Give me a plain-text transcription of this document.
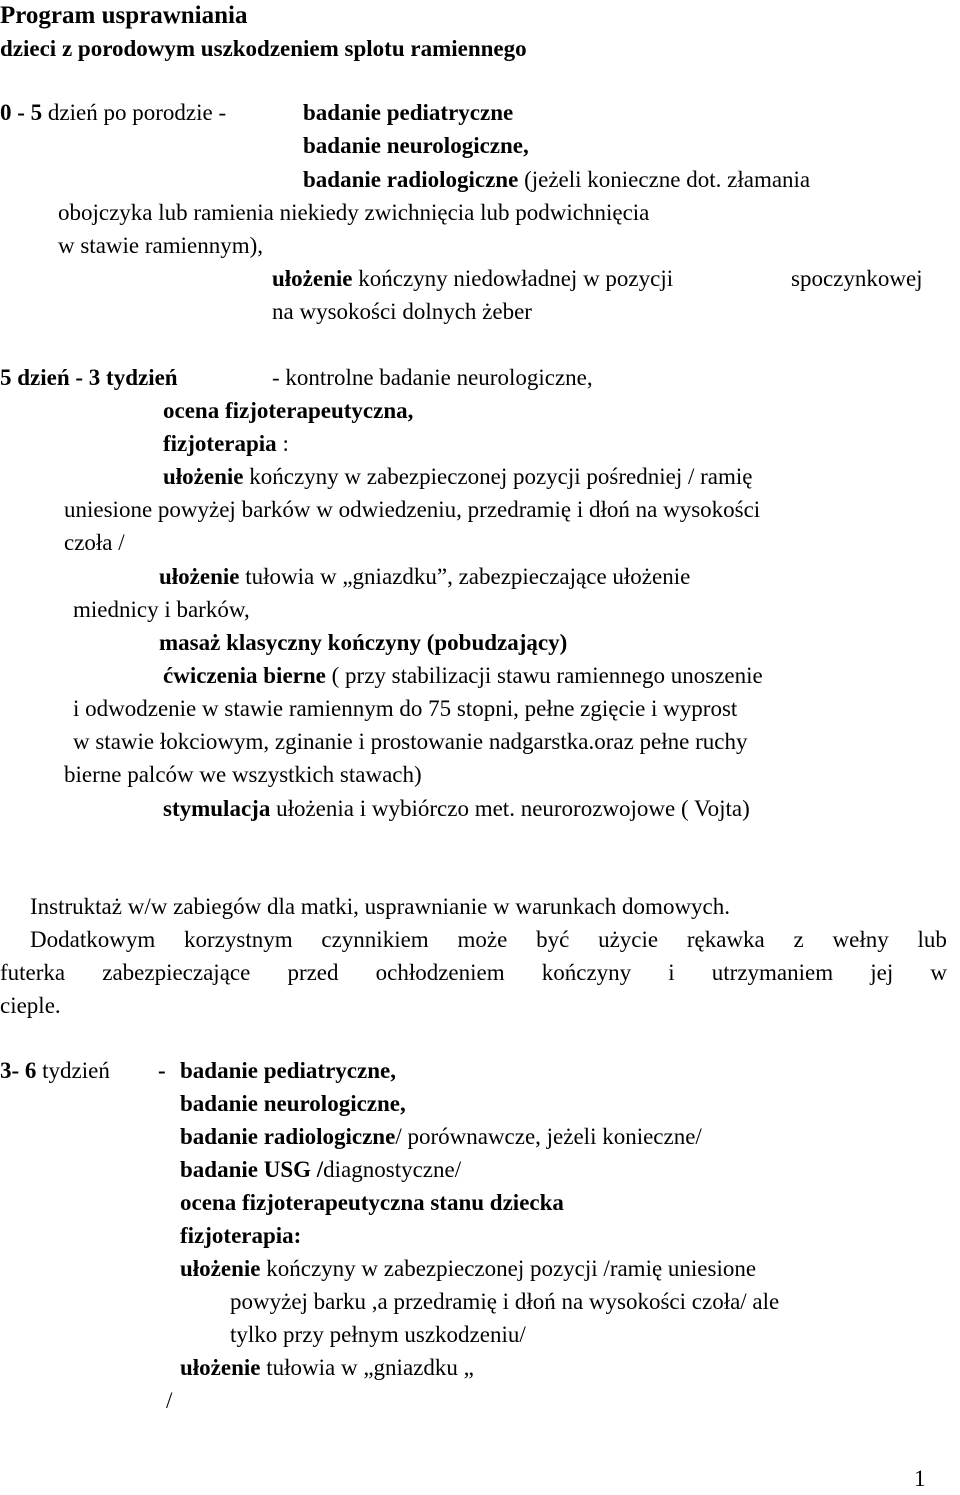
Program usprawniania
dzieci z porodowym uszkodzeniem splotu ramiennego
0 - 5 dzień po porodzie -	badanie pediatryczne
badanie neurologiczne,
badanie radiologiczne (jeżeli konieczne dot. złamania
obojczyka lub ramienia niekiedy zwichnięcia lub podwichnięcia
w stawie ramiennym),
ułożenie kończyny niedowładnej w pozycji	spoczynkowej
na wysokości dolnych żeber
5 dzień - 3 tydzień	- kontrolne badanie neurologiczne,
ocena fizjoterapeutyczna,
fizjoterapia :
ułożenie kończyny w zabezpieczonej pozycji pośredniej / ramię
uniesione powyżej barków w odwiedzeniu, przedramię i dłoń na wysokości
czoła /
ułożenie tułowia w „gniazdku”, zabezpieczające ułożenie
miednicy i barków,
masaż klasyczny kończyny (pobudzający)
ćwiczenia bierne ( przy stabilizacji stawu ramiennego unoszenie
i odwodzenie w stawie ramiennym do 75 stopni, pełne zgięcie i wyprost
w stawie łokciowym, zginanie i prostowanie nadgarstka.oraz pełne ruchy
bierne palców we wszystkich stawach)
stymulacja ułożenia i wybiórczo met. neurorozwojowe ( Vojta)
Instruktaż w/w zabiegów dla matki, usprawnianie w warunkach domowych.
Dodatkowym korzystnym czynnikiem może być użycie rękawka z wełny lub
futerka zabezpieczające przed ochłodzeniem kończyny i utrzymaniem jej w
cieple.
3- 6 tydzień - badanie pediatryczne,
badanie neurologiczne,
badanie radiologiczne/ porównawcze, jeżeli konieczne/
badanie USG /diagnostyczne/
ocena fizjoterapeutyczna stanu dziecka
fizjoterapia:
ułożenie kończyny w zabezpieczonej pozycji /ramię uniesione
powyżej barku ,a przedramię i dłoń na wysokości czoła/ ale
tylko przy pełnym uszkodzeniu/
ułożenie tułowia w „gniazdku „
/
1
